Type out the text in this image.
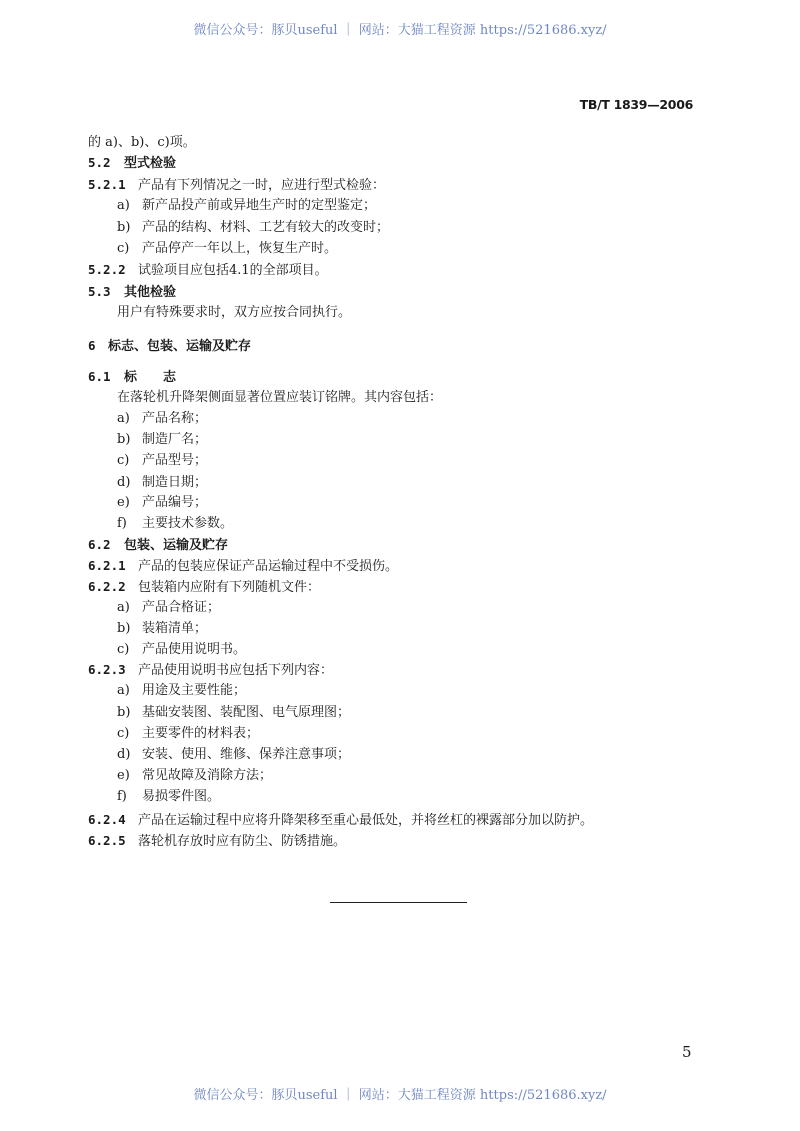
微信公众号：豚贝useful ｜ 网站：大猫工程资源 https://521686.xyz/
TB/T 1839—2006
的 a)、b)、c)项。
5.2 型式检验
5.2.1 产品有下列情况之一时，应进行型式检验：
a) 新产品投产前或异地生产时的定型鉴定；
b) 产品的结构、材料、工艺有较大的改变时；
c) 产品停产一年以上，恢复生产时。
5.2.2 试验项目应包括4.1的全部项目。
5.3 其他检验
用户有特殊要求时，双方应按合同执行。
6 标志、包装、运输及贮存
6.1 标　　志
在落轮机升降架侧面显著位置应装订铭牌。其内容包括：
a) 产品名称；
b) 制造厂名；
c) 产品型号；
d) 制造日期；
e) 产品编号；
f) 主要技术参数。
6.2 包装、运输及贮存
6.2.1 产品的包装应保证产品运输过程中不受损伤。
6.2.2 包装箱内应附有下列随机文件：
a) 产品合格证；
b) 装箱清单；
c) 产品使用说明书。
6.2.3 产品使用说明书应包括下列内容：
a) 用途及主要性能；
b) 基础安装图、装配图、电气原理图；
c) 主要零件的材料表；
d) 安装、使用、维修、保养注意事项；
e) 常见故障及消除方法；
f) 易损零件图。
6.2.4 产品在运输过程中应将升降架移至重心最低处，并将丝杠的裸露部分加以防护。
6.2.5 落轮机存放时应有防尘、防锈措施。
5
微信公众号：豚贝useful ｜ 网站：大猫工程资源 https://521686.xyz/
